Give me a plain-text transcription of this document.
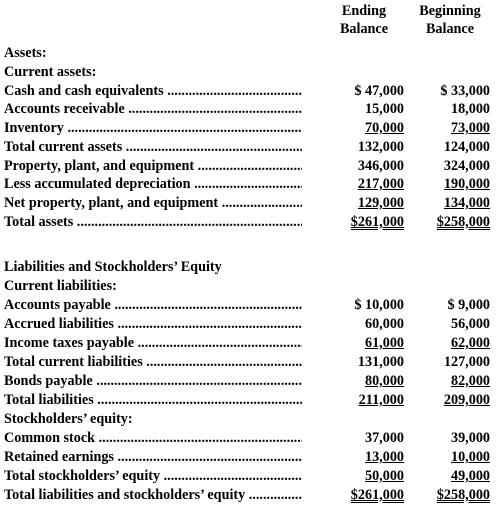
Ending
Balance
Beginning
Balance
Assets:
Current assets:
Cash and cash equivalents .....	$ 47,000	$ 33,000
Accounts receivable .....	15,000	18,000
Inventory .....	70,000	73,000
Total current assets .....	132,000	124,000
Property, plant, and equipment .....	346,000	324,000
Less accumulated depreciation .....	217,000	190,000
Net property, plant, and equipment .....	129,000	134,000
Total assets .....	$261,000 $258,000
Liabilities and Stockholders’ Equity
Current liabilities:
Accounts payable .....	$ 10,000	$ 9,000
Accrued liabilities .....	60,000	56,000
Income taxes payable .....	61,000	62,000
Total current liabilities .....	131,000	127,000
Bonds payable .....	80,000	82,000
Total liabilities .....	211,000	209,000
Stockholders’ equity:
Common stock .....	37,000	39,000
Retained earnings .....	13,000	10,000
Total stockholders’ equity .....	50,000	49,000
Total liabilities and stockholders’ equity .....	$261,000 $258,000
